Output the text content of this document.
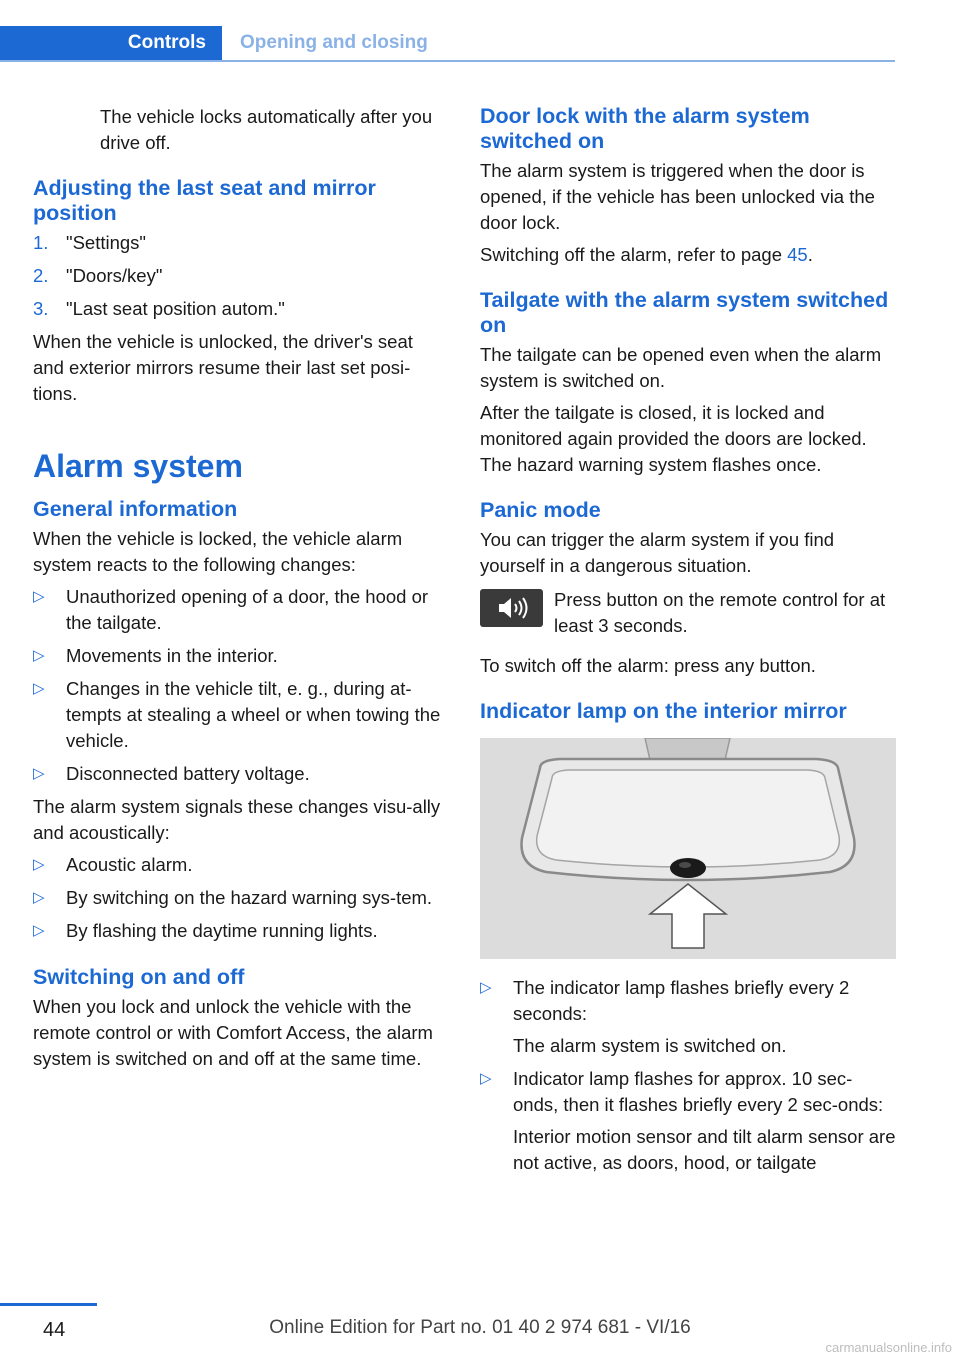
Controls	Opening and closing

The vehicle locks automatically after you drive off.

Adjusting the last seat and mirror position
1. "Settings"
2. "Doors/key"
3. "Last seat position autom."

When the vehicle is unlocked, the driver's seat and exterior mirrors resume their last set posi‐tions.

Alarm system
General information

When the vehicle is locked, the vehicle alarm system reacts to the following changes:

▷ Unauthorized opening of a door, the hood or the tailgate.
▷ Movements in the interior.
▷ Changes in the vehicle tilt, e. g., during at‐tempts at stealing a wheel or when towing the vehicle.
▷ Disconnected battery voltage.

The alarm system signals these changes visu‐ally and acoustically:

▷ Acoustic alarm.
▷ By switching on the hazard warning sys‐tem.
▷ By flashing the daytime running lights.
Switching on and off

When you lock and unlock the vehicle with the remote control or with Comfort Access, the alarm system is switched on and off at the same time.

Door lock with the alarm system switched on

The alarm system is triggered when the door is opened, if the vehicle has been unlocked via the door lock.

Switching off the alarm, refer to page 45.

Tailgate with the alarm system switched on

The tailgate can be opened even when the alarm system is switched on.

After the tailgate is closed, it is locked and monitored again provided the doors are locked. The hazard warning system flashes once.

Panic mode

You can trigger the alarm system if you find yourself in a dangerous situation.

Press button on the remote control for at least 3 seconds.

To switch off the alarm: press any button.

Indicator lamp on the interior mirror
▷ The indicator lamp flashes briefly every 2 seconds:
The alarm system is switched on.
▷ Indicator lamp flashes for approx. 10 sec‐onds, then it flashes briefly every 2 sec‐onds:
Interior motion sensor and tilt alarm sensor are not active, as doors, hood, or tailgate
44	Online Edition for Part no. 01 40 2 974 681 - VI/16
carmanualsonline.info
